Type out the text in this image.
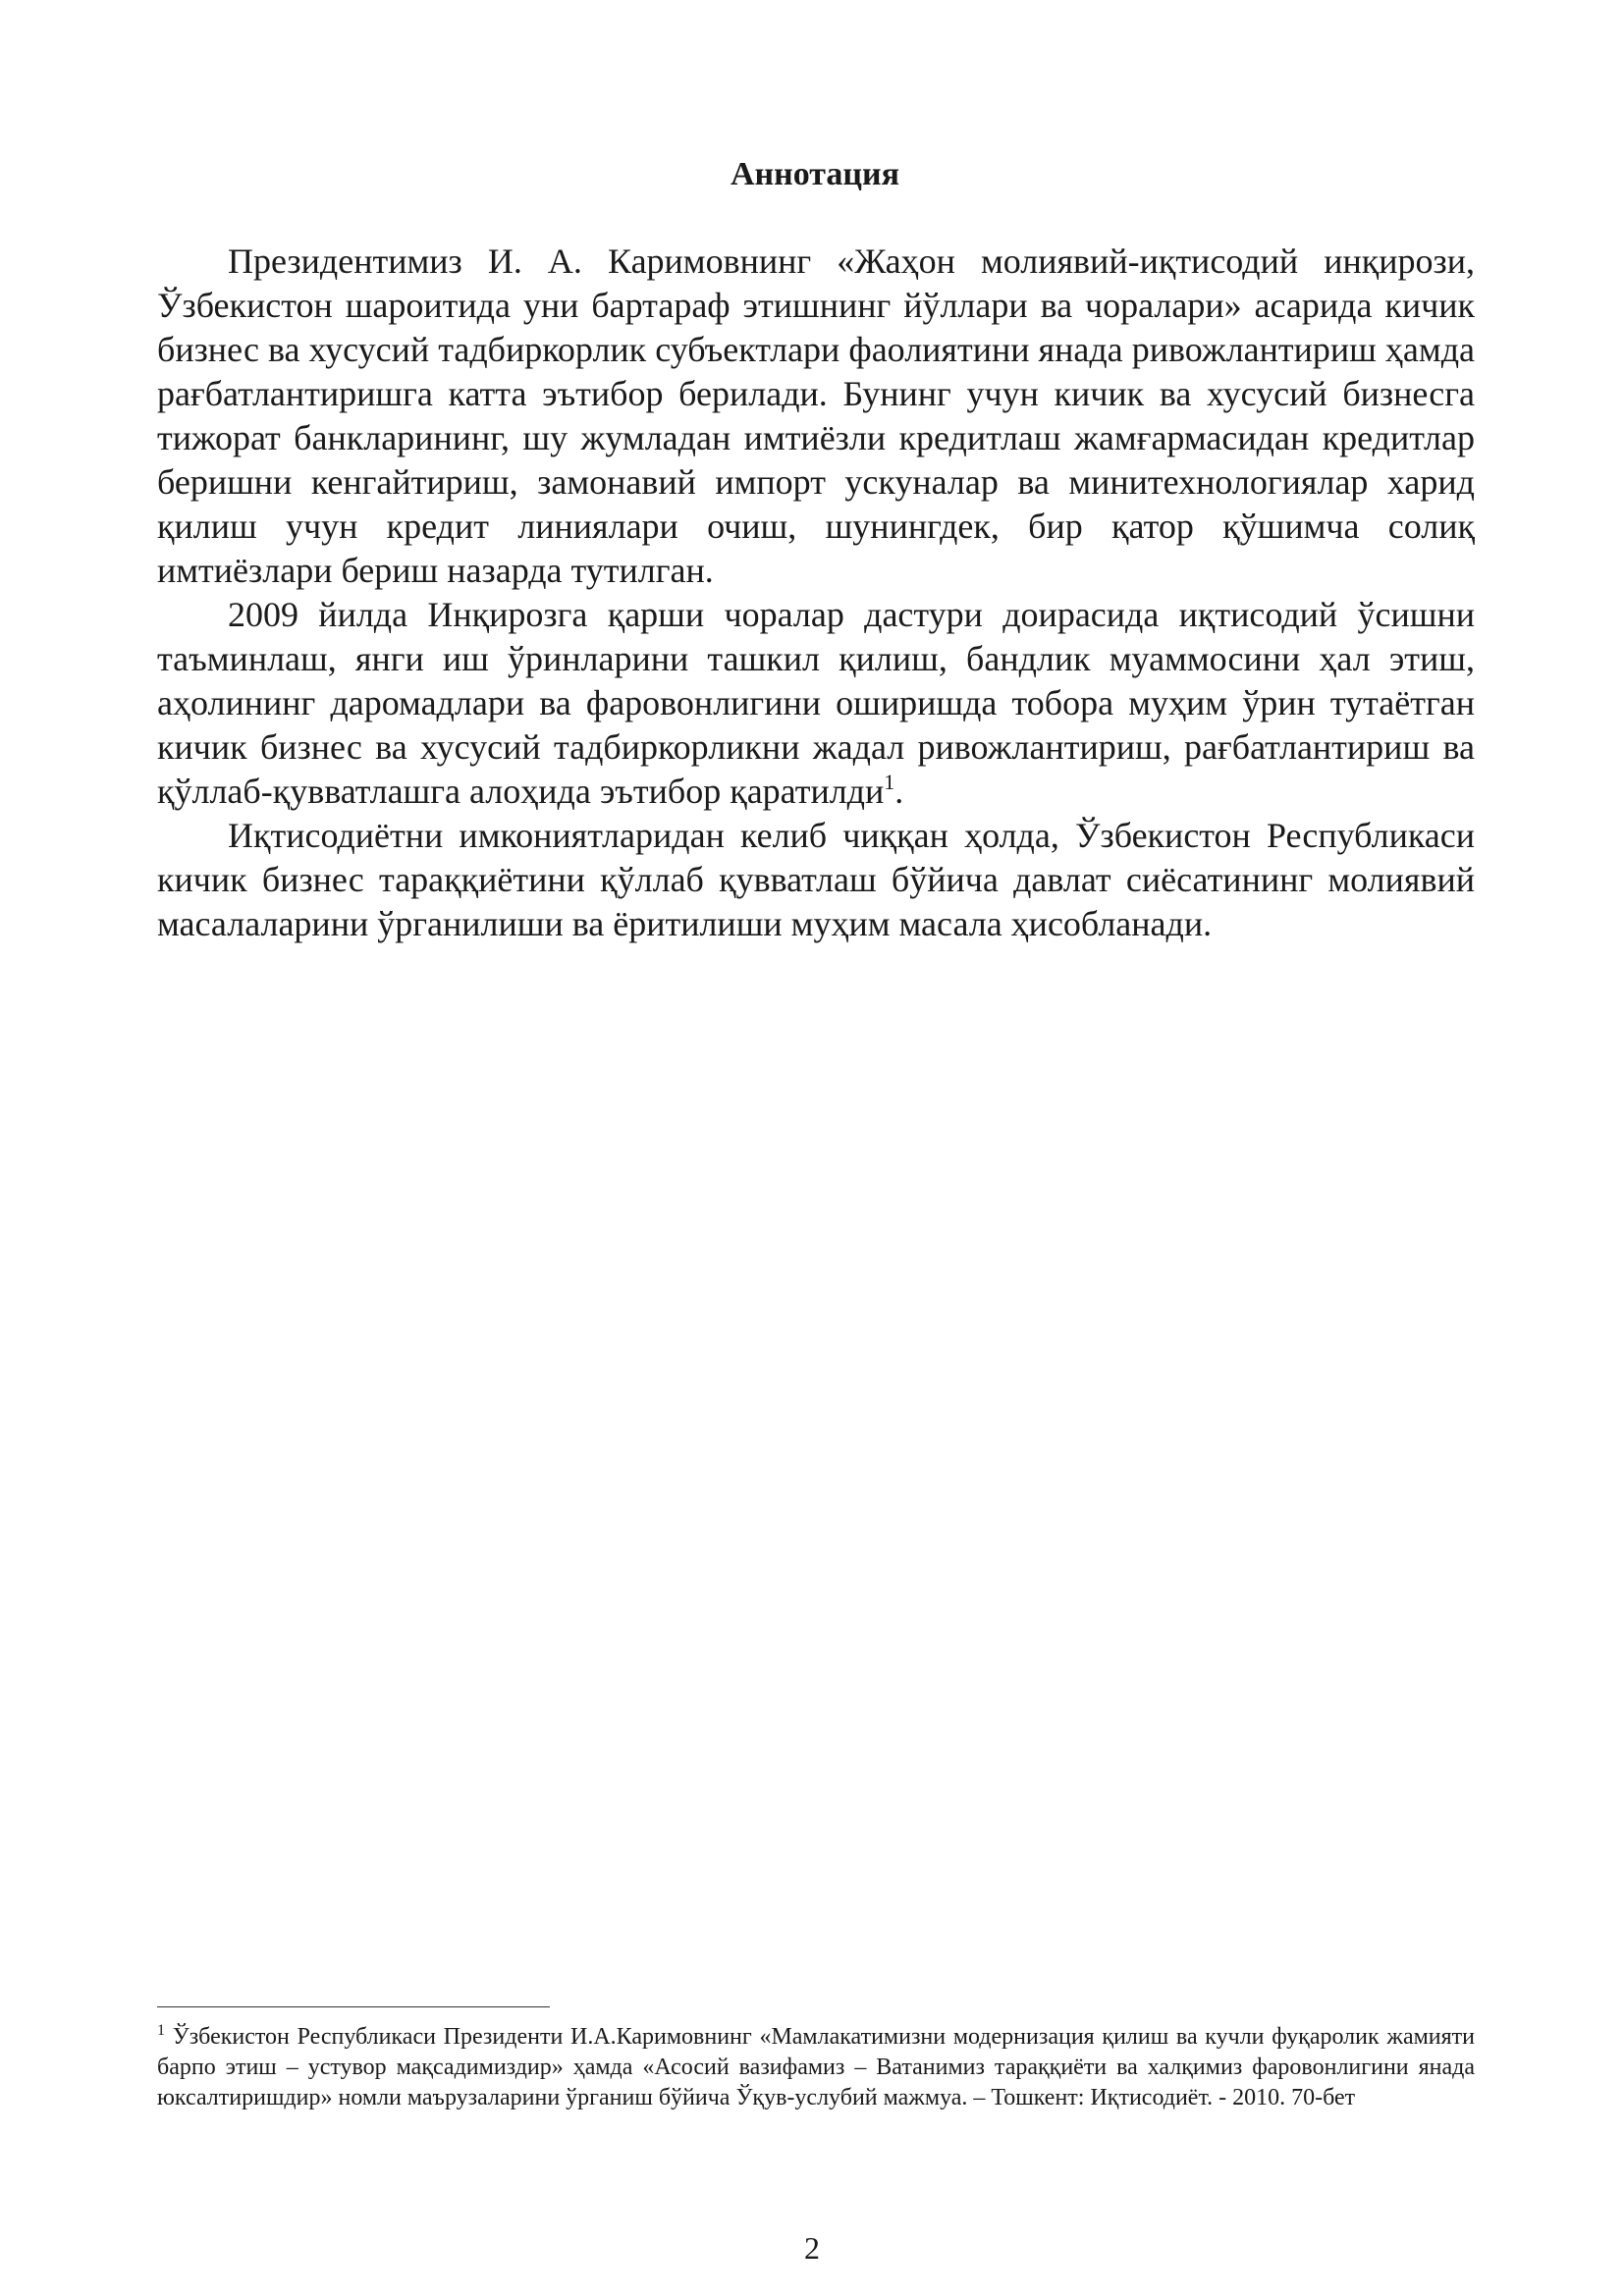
Аннотация

Президентимиз И. А. Каримовнинг «Жаҳон молиявий-иқтисодий инқирози, Ўзбекистон шароитида уни бартараф этишнинг йўллари ва чоралари» асарида кичик бизнес ва хусусий тадбиркорлик субъектлари фаолиятини янада ривожлантириш ҳамда рағбатлантиришга катта эътибор берилади. Бунинг учун кичик ва хусусий бизнесга тижорат банкларининг, шу жумладан имтиёзли кредитлаш жамғармасидан кредитлар беришни кенгайтириш, замонавий импорт ускуналар ва минитехнологиялар харид қилиш учун кредит линиялари очиш, шунингдек, бир қатор қўшимча солиқ имтиёзлари бериш назарда тутилган.

2009 йилда Инқирозга қарши чоралар дастури доирасида иқтисодий ўсишни таъминлаш, янги иш ўринларини ташкил қилиш, бандлик муаммосини ҳал этиш, аҳолининг даромадлари ва фаровонлигини оширишда тобора муҳим ўрин тутаётган кичик бизнес ва хусусий тадбиркорликни жадал ривожлантириш, рағбатлантириш ва қўллаб-қувватлашга алоҳида эътибор қаратилди$^1$.

Иқтисодиётни имкониятларидан келиб чиққан ҳолда, Ўзбекистон Республикаси кичик бизнес тараққиётини қўллаб қувватлаш бўйича давлат сиёсатининг молиявий масалаларини ўрганилиши ва ёритилиши муҳим масала ҳисобланади.

$^1$ Ўзбекистон Республикаси Президенти И.А.Каримовнинг «Мамлакатимизни модернизация қилиш ва кучли фуқаролик жамияти барпо этиш – устувор мақсадимиздир» ҳамда «Асосий вазифамиз – Ватанимиз тараққиёти ва халқимиз фаровонлигини янада юксалтиришдир» номли маърузаларини ўрганиш бўйича Ўқув-услубий мажмуа. – Тошкент: Иқтисодиёт. - 2010. 70-бет

2
